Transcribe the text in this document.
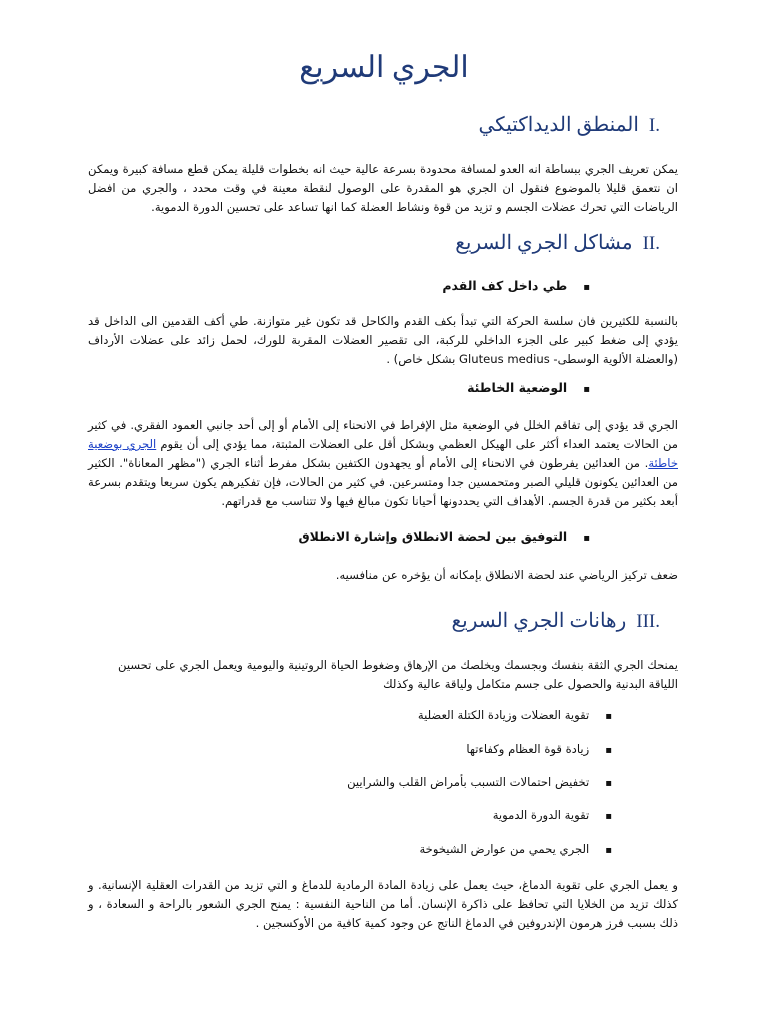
الجري السريع
I.المنطق الديداكتيكي
يمكن تعريف الجري ببساطة انه العدو لمسافة محدودة بسرعة عالية حيث انه بخطوات قليلة يمكن قطع مسافة كبيرة ويمكن ان نتعمق قليلا بالموضوع فنقول ان الجري هو المقدرة على الوصول لنقطة معينة في وقت محدد ، والجري من افضل الرياضات التي تحرك عضلات الجسم و تزيد من قوة ونشاط العضلة كما انها تساعد على تحسين الدورة الدموية.
II.مشاكل الجري السريع
▪ طي داخل كف القدم
بالنسبة للكثيرين فان سلسة الحركة التي تبدأ بكف القدم والكاحل قد تكون غير متوازنة. طي أكف القدمين الى الداخل قد يؤدي إلى ضغط كبير على الجزء الداخلي للركبة، الى تقصير العضلات المقربة للورك، لحمل زائد على عضلات الأرداف (والعضلة الألوية الوسطى- Gluteus medius بشكل خاص) .
▪ الوضعية الخاطئة
الجري قد يؤدي إلى تفاقم الخلل في الوضعية مثل الإفراط في الانحناء إلى الأمام أو إلى أحد جانبي العمود الفقري. في كثير من الحالات يعتمد العداء أكثر على الهيكل العظمي وبشكل أقل على العضلات المثبتة، مما يؤدي إلى أن يقوم الجري بوضعية خاطئة. من العدائين يفرطون في الانحناء إلى الأمام أو يجهدون الكتفين بشكل مفرط أثناء الجري ("مظهر المعاناة". الكثير من العدائين يكونون قليلي الصبر ومتحمسين جدا ومتسرعين. في كثير من الحالات، فإن تفكيرهم يكون سريعا ويتقدم بسرعة أبعد بكثير من قدرة الجسم. الأهداف التي يحددونها أحيانا تكون مبالغ فيها ولا تتناسب مع قدراتهم.
▪ التوفيق بين لحضة الانطلاق وإشارة الانطلاق
ضعف تركيز الرياضي عند لحضة الانطلاق بإمكانه أن يؤخره عن منافسيه.
III.رهانات الجري السريع
يمنحك الجري الثقة بنفسك وبجسمك ويخلصك من الإرهاق وضغوط الحياة الروتينية واليومية ويعمل الجري على تحسين اللياقة البدنية والحصول على جسم متكامل ولياقة عالية وكذلك
▪ تقوية العضلات وزيادة الكتلة العضلية
▪ زيادة قوة العظام وكفاءتها
▪ تخفيض احتمالات التسبب بأمراض القلب والشرايين
▪ تقوية الدورة الدموية
▪ الجري يحمي من عوارض الشيخوخة
و يعمل الجري على تقوية الدماغ، حيث يعمل على زيادة المادة الرمادية للدماغ و التي تزيد من القدرات العقلية الإنسانية. و كذلك تزيد من الخلايا التي تحافظ على ذاكرة الإنسان. أما من الناحية النفسية : يمنح الجري الشعور بالراحة و السعادة ، و ذلك بسبب فرز هرمون الإندروفين في الدماغ الناتج عن وجود كمية كافية من الأوكسجين .
